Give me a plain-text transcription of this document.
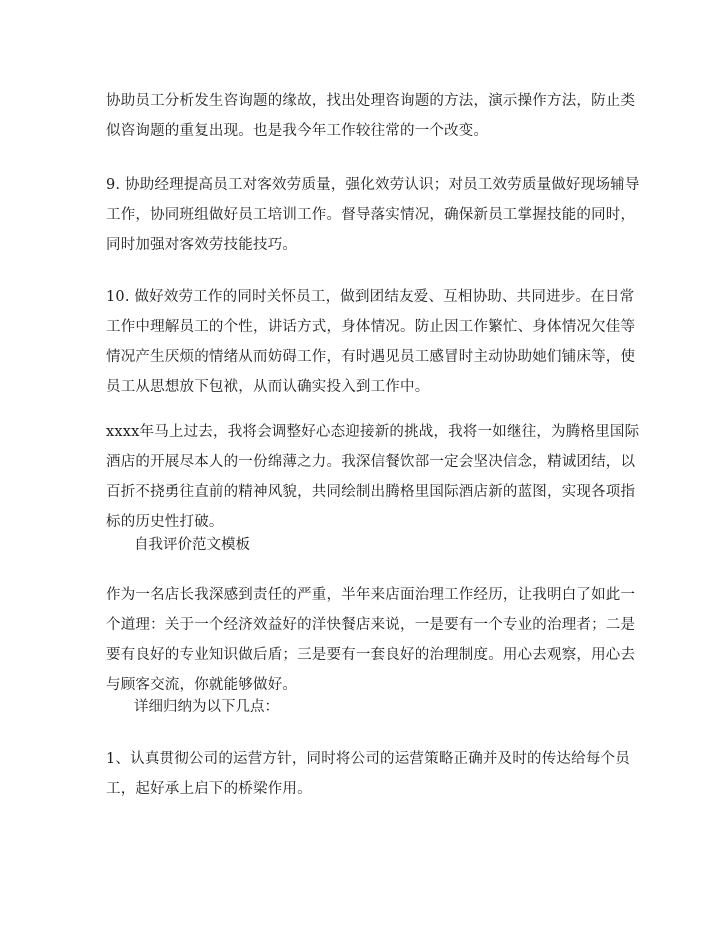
协助员工分析发生咨询题的缘故，找出处理咨询题的方法，演示操作方法，防止类
似咨询题的重复出现。也是我今年工作较往常的一个改变。

9. 协助经理提高员工对客效劳质量，强化效劳认识；对员工效劳质量做好现场辅导
工作，协同班组做好员工培训工作。督导落实情况，确保新员工掌握技能的同时，
同时加强对客效劳技能技巧。

10. 做好效劳工作的同时关怀员工，做到团结友爱、互相协助、共同进步。在日常
工作中理解员工的个性，讲话方式，身体情况。防止因工作繁忙、身体情况欠佳等
情况产生厌烦的情绪从而妨碍工作，有时遇见员工感冒时主动协助她们铺床等，使
员工从思想放下包袱，从而认确实投入到工作中。

xxxx年马上过去，我将会调整好心态迎接新的挑战，我将一如继往，为腾格里国际
酒店的开展尽本人的一份绵薄之力。我深信餐饮部一定会坚决信念，精诚团结，以
百折不挠勇往直前的精神风貌，共同绘制出腾格里国际酒店新的蓝图，实现各项指
标的历史性打破。

自我评价范文模板

作为一名店长我深感到责任的严重，半年来店面治理工作经历，让我明白了如此一
个道理：关于一个经济效益好的洋快餐店来说，一是要有一个专业的治理者；二是
要有良好的专业知识做后盾；三是要有一套良好的治理制度。用心去观察，用心去
与顾客交流，你就能够做好。

详细归纳为以下几点：

1、认真贯彻公司的运营方针，同时将公司的运营策略正确并及时的传达给每个员
工，起好承上启下的桥梁作用。
